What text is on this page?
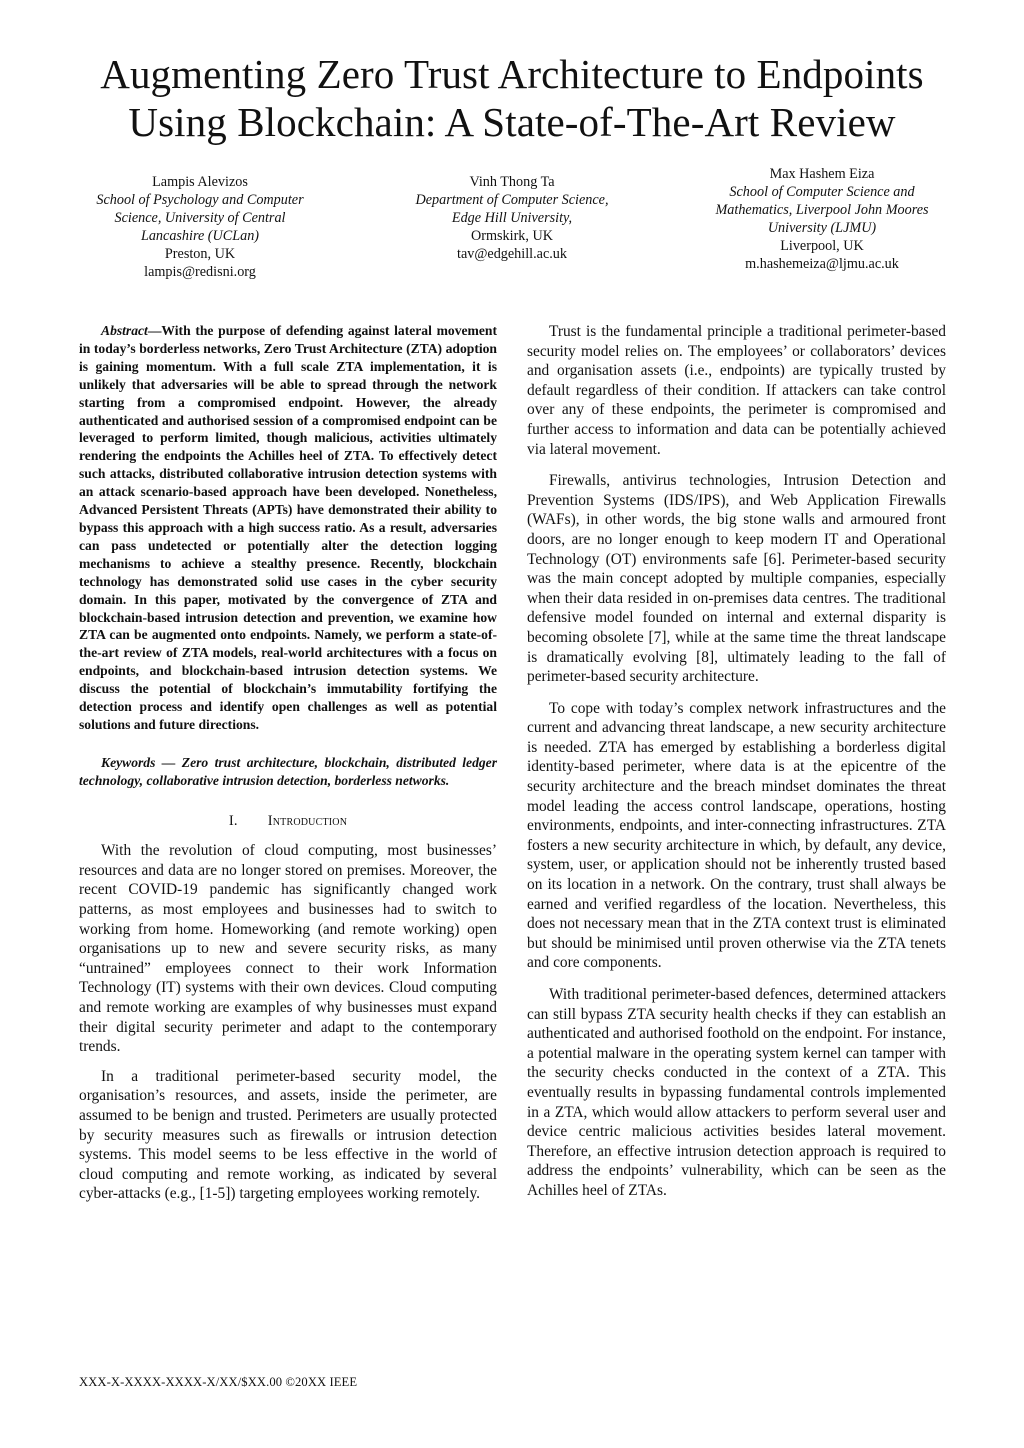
Augmenting Zero Trust Architecture to Endpoints
Using Blockchain: A State-of-The-Art Review
Lampis Alevizos
School of Psychology and Computer
Science, University of Central
Lancashire (UCLan)
Preston, UK
lampis@redisni.org
Vinh Thong Ta
Department of Computer Science,
Edge Hill University,
Ormskirk, UK
tav@edgehill.ac.uk
Max Hashem Eiza
School of Computer Science and
Mathematics, Liverpool John Moores
University (LJMU)
Liverpool, UK
m.hashemeiza@ljmu.ac.uk

Abstract—With the purpose of defending against lateral movement in today’s borderless networks, Zero Trust Architecture (ZTA) adoption is gaining momentum. With a full scale ZTA implementation, it is unlikely that adversaries will be able to spread through the network starting from a compromised endpoint. However, the already authenticated and authorised session of a compromised endpoint can be leveraged to perform limited, though malicious, activities ultimately rendering the endpoints the Achilles heel of ZTA. To effectively detect such attacks, distributed collaborative intrusion detection systems with an attack scenario-based approach have been developed. Nonetheless, Advanced Persistent Threats (APTs) have demonstrated their ability to bypass this approach with a high success ratio. As a result, adversaries can pass undetected or potentially alter the detection logging mechanisms to achieve a stealthy presence. Recently, blockchain technology has demonstrated solid use cases in the cyber security domain. In this paper, motivated by the convergence of ZTA and blockchain-based intrusion detection and prevention, we examine how ZTA can be augmented onto endpoints. Namely, we perform a state-of-the-art review of ZTA models, real-world architectures with a focus on endpoints, and blockchain-based intrusion detection systems. We discuss the potential of blockchain’s immutability fortifying the detection process and identify open challenges as well as potential solutions and future directions.

Keywords — Zero trust architecture, blockchain, distributed ledger technology, collaborative intrusion detection, borderless networks.

I. Introduction

With the revolution of cloud computing, most businesses’ resources and data are no longer stored on premises. Moreover, the recent COVID-19 pandemic has significantly changed work patterns, as most employees and businesses had to switch to working from home. Homeworking (and remote working) open organisations up to new and severe security risks, as many “untrained” employees connect to their work Information Technology (IT) systems with their own devices. Cloud computing and remote working are examples of why businesses must expand their digital security perimeter and adapt to the contemporary trends.

In a traditional perimeter-based security model, the organisation’s resources, and assets, inside the perimeter, are assumed to be benign and trusted. Perimeters are usually protected by security measures such as firewalls or intrusion detection systems. This model seems to be less effective in the world of cloud computing and remote working, as indicated by several cyber-attacks (e.g., [1-5]) targeting employees working remotely.

Trust is the fundamental principle a traditional perimeter-based security model relies on. The employees’ or collaborators’ devices and organisation assets (i.e., endpoints) are typically trusted by default regardless of their condition. If attackers can take control over any of these endpoints, the perimeter is compromised and further access to information and data can be potentially achieved via lateral movement.

Firewalls, antivirus technologies, Intrusion Detection and Prevention Systems (IDS/IPS), and Web Application Firewalls (WAFs), in other words, the big stone walls and armoured front doors, are no longer enough to keep modern IT and Operational Technology (OT) environments safe [6]. Perimeter-based security was the main concept adopted by multiple companies, especially when their data resided in on-premises data centres. The traditional defensive model founded on internal and external disparity is becoming obsolete [7], while at the same time the threat landscape is dramatically evolving [8], ultimately leading to the fall of perimeter-based security architecture.

To cope with today’s complex network infrastructures and the current and advancing threat landscape, a new security architecture is needed. ZTA has emerged by establishing a borderless digital identity-based perimeter, where data is at the epicentre of the security architecture and the breach mindset dominates the threat model leading the access control landscape, operations, hosting environments, endpoints, and inter-connecting infrastructures. ZTA fosters a new security architecture in which, by default, any device, system, user, or application should not be inherently trusted based on its location in a network. On the contrary, trust shall always be earned and verified regardless of the location. Nevertheless, this does not necessary mean that in the ZTA context trust is eliminated but should be minimised until proven otherwise via the ZTA tenets and core components.

With traditional perimeter-based defences, determined attackers can still bypass ZTA security health checks if they can establish an authenticated and authorised foothold on the endpoint. For instance, a potential malware in the operating system kernel can tamper with the security checks conducted in the context of a ZTA. This eventually results in bypassing fundamental controls implemented in a ZTA, which would allow attackers to perform several user and device centric malicious activities besides lateral movement. Therefore, an effective intrusion detection approach is required to address the endpoints’ vulnerability, which can be seen as the Achilles heel of ZTAs.

XXX-X-XXXX-XXXX-X/XX/$XX.00 ©20XX IEEE
